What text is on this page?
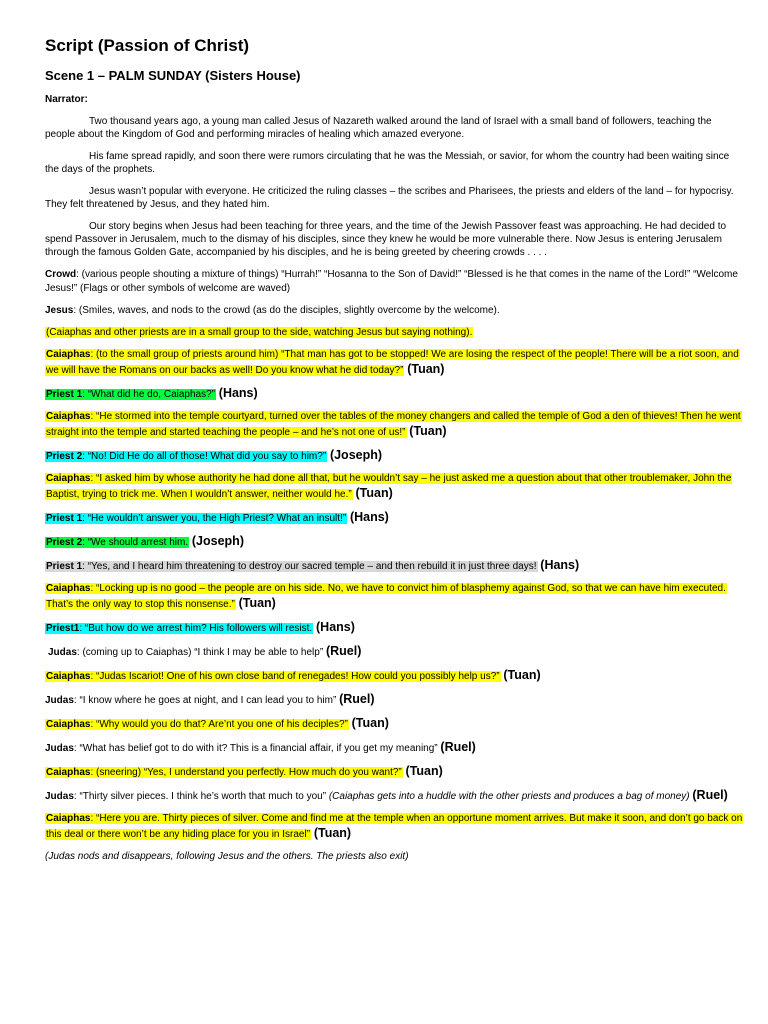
Script (Passion of Christ)
Scene 1 – PALM SUNDAY (Sisters House)
Narrator:

Two thousand years ago, a young man called Jesus of Nazareth walked around the land of Israel with a small band of followers, teaching the people about the Kingdom of God and performing miracles of healing which amazed everyone.

His fame spread rapidly, and soon there were rumors circulating that he was the Messiah, or savior, for whom the country had been waiting since the days of the prophets.

Jesus wasn’t popular with everyone. He criticized the ruling classes – the scribes and Pharisees, the priests and elders of the land – for hypocrisy. They felt threatened by Jesus, and they hated him.

Our story begins when Jesus had been teaching for three years, and the time of the Jewish Passover feast was approaching. He had decided to spend Passover in Jerusalem, much to the dismay of his disciples, since they knew he would be more vulnerable there. Now Jesus is entering Jerusalem through the famous Golden Gate, accompanied by his disciples, and he is being greeted by cheering crowds . . . .

Crowd: (various people shouting a mixture of things) “Hurrah!” “Hosanna to the Son of David!” “Blessed is he that comes in the name of the Lord!” “Welcome Jesus!” (Flags or other symbols of welcome are waved)
Jesus: (Smiles, waves, and nods to the crowd (as do the disciples, slightly overcome by the welcome).
(Caiaphas and other priests are in a small group to the side, watching Jesus but saying nothing).
Caiaphas: (to the small group of priests around him) “That man has got to be stopped! We are losing the respect of the people! There will be a riot soon, and we will have the Romans on our backs as well! Do you know what he did today?” (Tuan)
Priest 1: “What did he do, Caiaphas?” (Hans)
Caiaphas: “He stormed into the temple courtyard, turned over the tables of the money changers and called the temple of God a den of thieves! Then he went straight into the temple and started teaching the people – and he’s not one of us!” (Tuan)
Priest 2: “No! Did He do all of those! What did you say to him?” (Joseph)
Caiaphas: “I asked him by whose authority he had done all that, but he wouldn’t say – he just asked me a question about that other troublemaker, John the Baptist, trying to trick me. When I wouldn’t answer, neither would he.” (Tuan)
Priest 1: “He wouldn’t answer you, the High Priest? What an insult!” (Hans)
Priest 2: “We should arrest him. (Joseph)
Priest 1: “Yes, and I heard him threatening to destroy our sacred temple – and then rebuild it in just three days! (Hans)
Caiaphas: “Locking up is no good – the people are on his side. No, we have to convict him of blasphemy against God, so that we can have him executed. That’s the only way to stop this nonsense.” (Tuan)
Priest1: “But how do we arrest him? His followers will resist. (Hans)
Judas: (coming up to Caiaphas) “I think I may be able to help” (Ruel)
Caiaphas: “Judas Iscariot! One of his own close band of renegades! How could you possibly help us?” (Tuan)
Judas: “I know where he goes at night, and I can lead you to him” (Ruel)
Caiaphas: “Why would you do that? Are’nt you one of his deciples?” (Tuan)
Judas: “What has belief got to do with it? This is a financial affair, if you get my meaning” (Ruel)
Caiaphas: (sneering) “Yes, I understand you perfectly. How much do you want?” (Tuan)
Judas: “Thirty silver pieces. I think he’s worth that much to you” (Caiaphas gets into a huddle with the other priests and produces a bag of money) (Ruel)
Caiaphas: “Here you are. Thirty pieces of silver. Come and find me at the temple when an opportune moment arrives. But make it soon, and don’t go back on this deal or there won’t be any hiding place for you in Israel” (Tuan)
(Judas nods and disappears, following Jesus and the others. The priests also exit)
